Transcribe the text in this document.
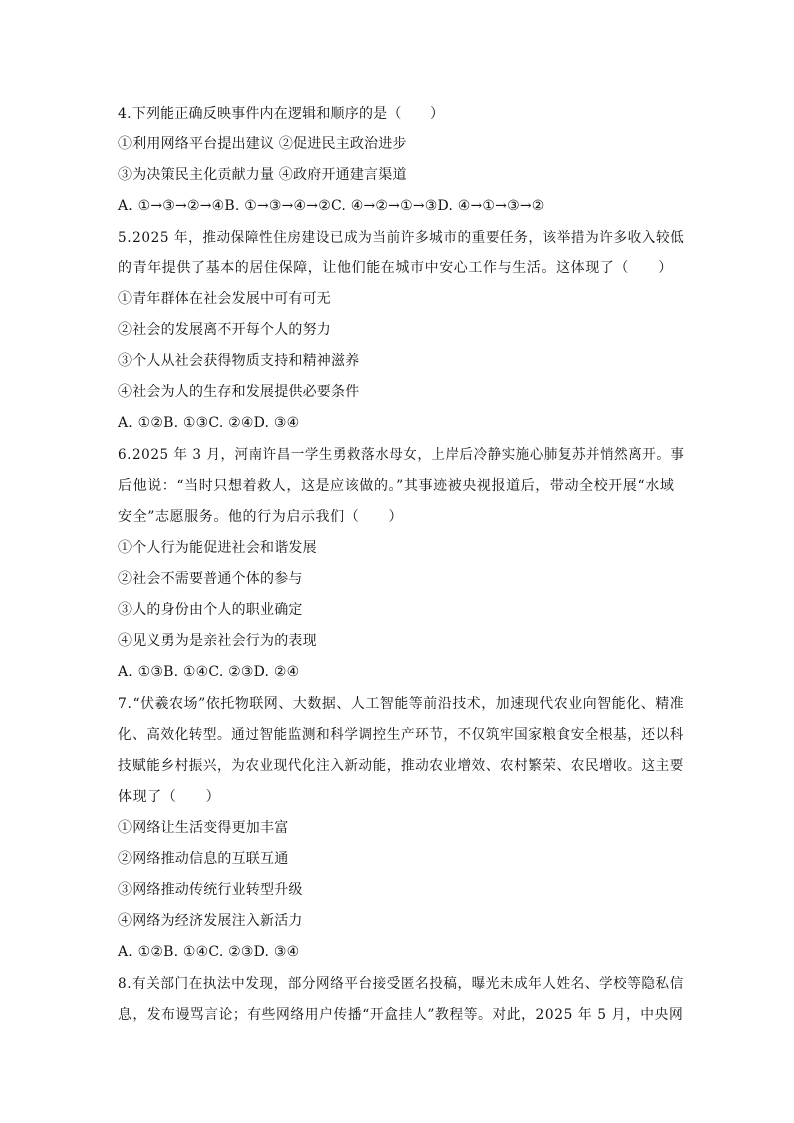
4.下列能正确反映事件内在逻辑和顺序的是（　　）
①利用网络平台提出建议 ②促进民主政治进步
③为决策民主化贡献力量 ④政府开通建言渠道
A. ①→③→②→④B. ①→③→④→②C. ④→②→①→③D. ④→①→③→②
5.2025 年，推动保障性住房建设已成为当前许多城市的重要任务，该举措为许多收入较低
的青年提供了基本的居住保障，让他们能在城市中安心工作与生活。这体现了（　　）
①青年群体在社会发展中可有可无
②社会的发展离不开每个人的努力
③个人从社会获得物质支持和精神滋养
④社会为人的生存和发展提供必要条件
A. ①②B. ①③C. ②④D. ③④
6.2025 年 3 月，河南许昌一学生勇救落水母女，上岸后冷静实施心肺复苏并悄然离开。事
后他说：“当时只想着救人，这是应该做的。”其事迹被央视报道后，带动全校开展“水域
安全”志愿服务。他的行为启示我们（　　）
①个人行为能促进社会和谐发展
②社会不需要普通个体的参与
③人的身份由个人的职业确定
④见义勇为是亲社会行为的表现
A. ①③B. ①④C. ②③D. ②④
7.“伏羲农场”依托物联网、大数据、人工智能等前沿技术，加速现代农业向智能化、精准
化、高效化转型。通过智能监测和科学调控生产环节，不仅筑牢国家粮食安全根基，还以科
技赋能乡村振兴，为农业现代化注入新动能，推动农业增效、农村繁荣、农民增收。这主要
体现了（　　）
①网络让生活变得更加丰富
②网络推动信息的互联互通
③网络推动传统行业转型升级
④网络为经济发展注入新活力
A. ①②B. ①④C. ②③D. ③④
8.有关部门在执法中发现，部分网络平台接受匿名投稿，曝光未成年人姓名、学校等隐私信
息，发布谩骂言论；有些网络用户传播“开盒挂人”教程等。对此，2025 年 5 月，中央网
